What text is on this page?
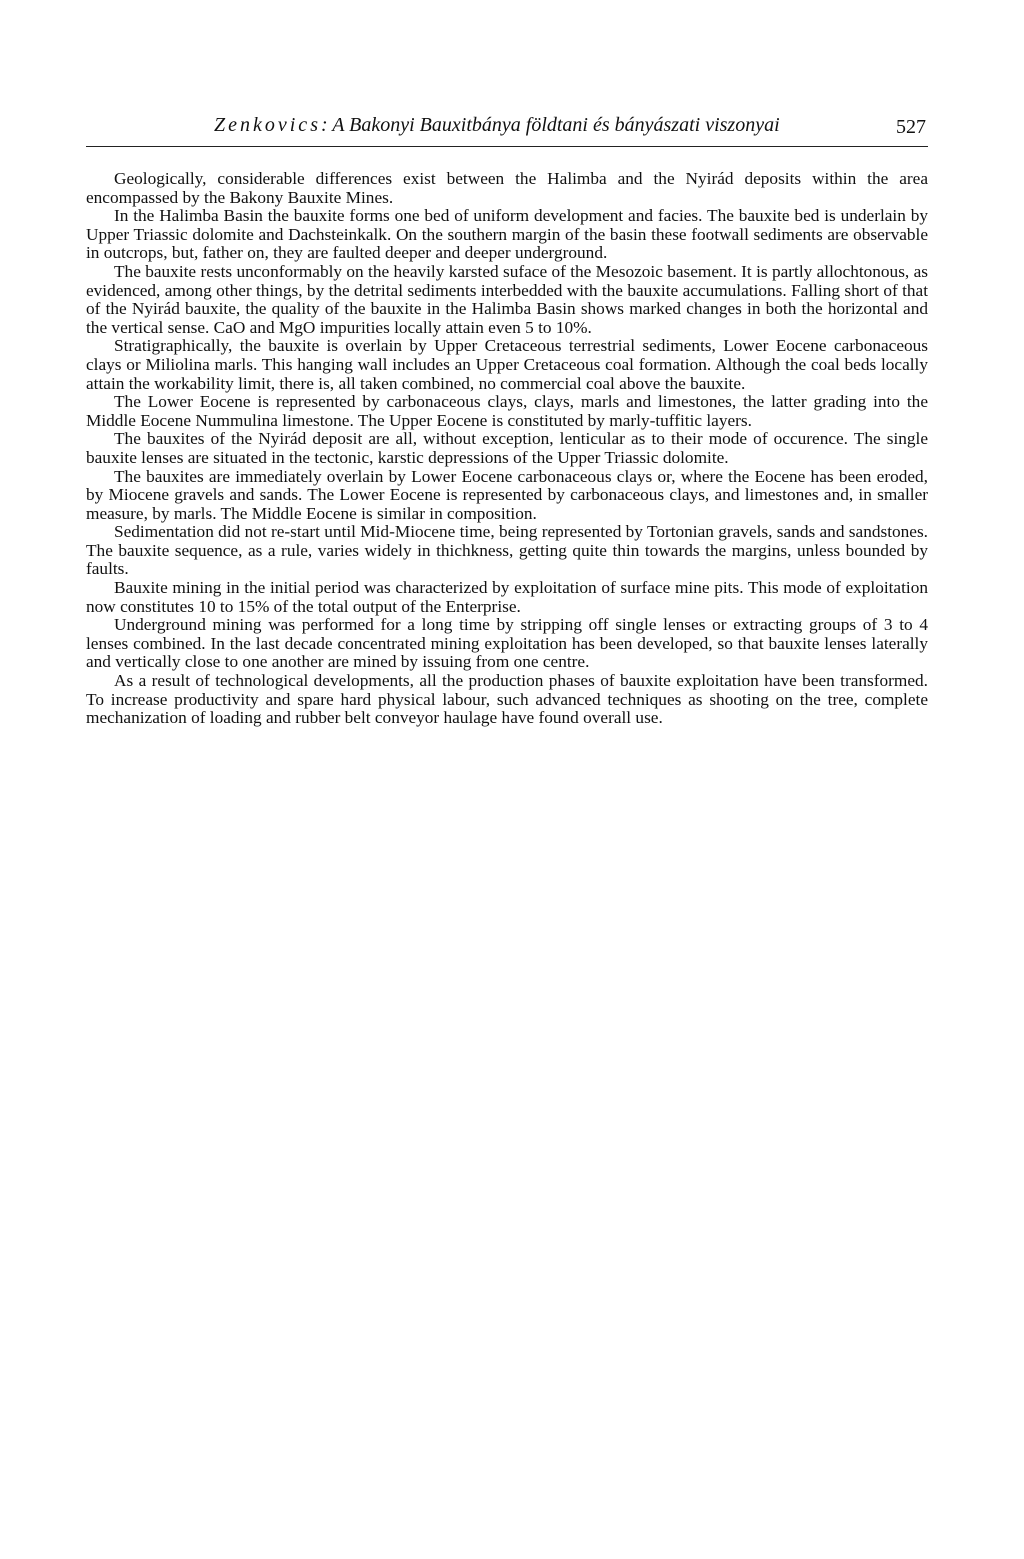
Zenkovics: A Bakonyi Bauxitbánya földtani és bányászati viszonyai	527

Geologically, considerable differences exist between the Halimba and the Nyirád deposits within the area encompassed by the Bakony Bauxite Mines.

In the Halimba Basin the bauxite forms one bed of uniform development and facies. The bauxite bed is underlain by Upper Triassic dolomite and Dachsteinkalk. On the southern margin of the basin these footwall sediments are observable in outcrops, but, father on, they are faulted deeper and deeper underground.

The bauxite rests unconformably on the heavily karsted suface of the Mesozoic basement. It is partly allochtonous, as evidenced, among other things, by the detrital sediments interbedded with the bauxite accumulations. Falling short of that of the Nyirád bauxite, the quality of the bauxite in the Halimba Basin shows marked changes in both the horizontal and the vertical sense. CaO and MgO impurities locally attain even 5 to 10%.

Stratigraphically, the bauxite is overlain by Upper Cretaceous terrestrial sediments, Lower Eocene carbonaceous clays or Miliolina marls. This hanging wall includes an Upper Cretaceous coal formation. Although the coal beds locally attain the workability limit, there is, all taken combined, no commercial coal above the bauxite.

The Lower Eocene is represented by carbonaceous clays, clays, marls and limestones, the latter grading into the Middle Eocene Nummulina limestone. The Upper Eocene is constituted by marly-tuffitic layers.

The bauxites of the Nyirád deposit are all, without exception, lenticular as to their mode of occurence. The single bauxite lenses are situated in the tectonic, karstic depressions of the Upper Triassic dolomite.

The bauxites are immediately overlain by Lower Eocene carbonaceous clays or, where the Eocene has been eroded, by Miocene gravels and sands. The Lower Eocene is represented by carbonaceous clays, and limestones and, in smaller measure, by marls. The Middle Eocene is similar in composition.

Sedimentation did not re-start until Mid-Miocene time, being represented by Tortonian gravels, sands and sandstones. The bauxite sequence, as a rule, varies widely in thichkness, getting quite thin towards the margins, unless bounded by faults.

Bauxite mining in the initial period was characterized by exploitation of surface mine pits. This mode of exploitation now constitutes 10 to 15% of the total output of the Enterprise.

Underground mining was performed for a long time by stripping off single lenses or extracting groups of 3 to 4 lenses combined. In the last decade concentrated mining exploitation has been developed, so that bauxite lenses laterally and vertically close to one another are mined by issuing from one centre.

As a result of technological developments, all the production phases of bauxite exploitation have been transformed. To increase productivity and spare hard physical labour, such advanced techniques as shooting on the tree, complete mechanization of loading and rubber belt conveyor haulage have found overall use.
